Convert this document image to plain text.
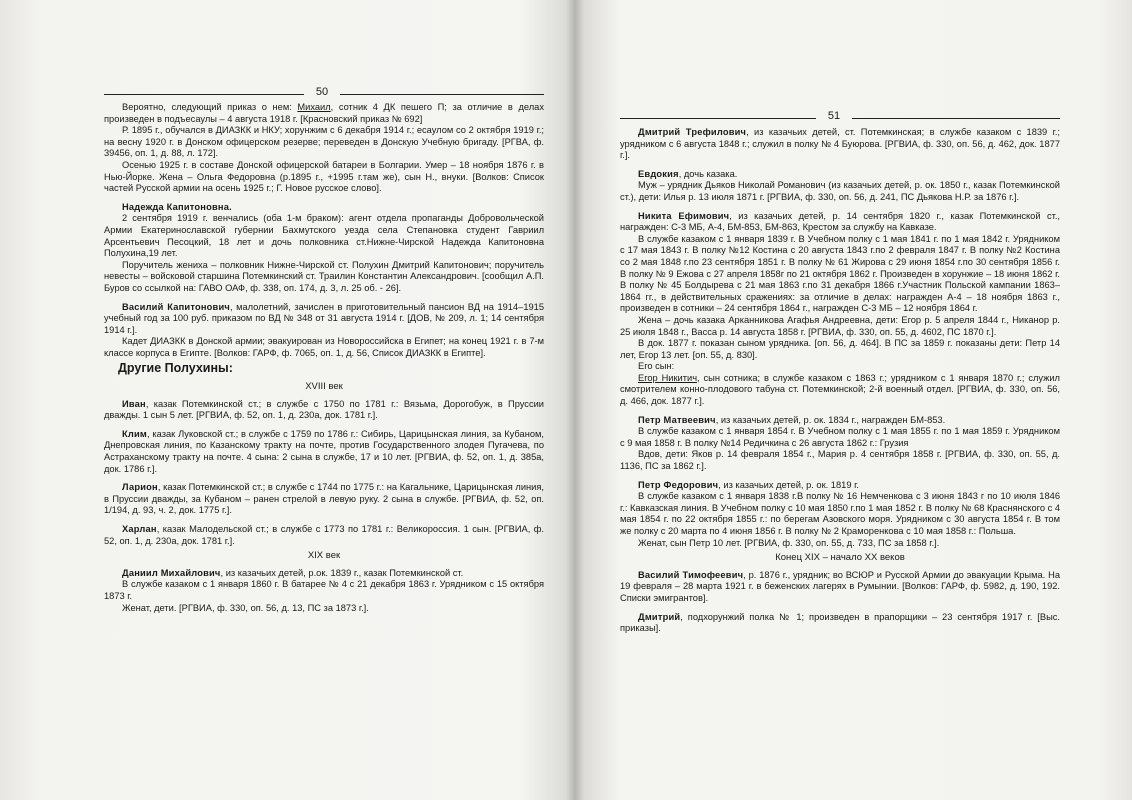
50

Вероятно, следующий приказ о нем: Михаил, сотник 4 ДК пешего П; за отличие в делах произведен в подъесаулы – 4 августа 1918 г. [Красновский приказ № 692]

Р. 1895 г., обучался в ДИАЗКК и НКУ; хорунжим с 6 декабря 1914 г.; есаулом со 2 октября 1919 г.; на весну 1920 г. в Донском офицерском резерве; переведен в Донскую Учебную бригаду. [РГВА, ф. 39456, оп. 1, д. 88, л. 172].

Осенью 1925 г. в составе Донской офицерской батареи в Болгарии. Умер – 18 ноября 1876 г. в Нью-Йорке. Жена – Ольга Федоровна (р.1895 г., +1995 г.там же), сын Н., внуки. [Волков: Список частей Русской армии на осень 1925 г.; Г. Новое русское слово].

Надежда Капитоновна.

2 сентября 1919 г. венчались (оба 1-м браком): агент отдела пропаганды Добровольческой Армии Екатеринославской губернии Бахмутского уезда села Степановка студент Гавриил Арсентьевич Песоцкий, 18 лет и дочь полковника ст.Нижне-Чирской Надежда Капитоновна Полухина,19 лет.

Поручитель жениха – полковник Нижне-Чирской ст. Полухин Дмитрий Капитонович; поручитель невесты – войсковой старшина Потемкинский ст. Траилин Константин Александрович. [сообщил А.П. Буров со ссылкой на: ГАВО ОАФ, ф. 338, оп. 174, д. 3, л. 25 об. - 26].

Василий Капитонович, малолетний, зачислен в приготовительный пансион ВД на 1914–1915 учебный год за 100 руб. приказом по ВД № 348 от 31 августа 1914 г. [ДОВ, № 209, л. 1; 14 сентября 1914 г.].

Кадет ДИАЗКК в Донской армии; эвакуирован из Новороссийска в Египет; на конец 1921 г. в 7-м классе корпуса в Египте. [Волков: ГАРФ, ф. 7065, оп. 1, д. 56, Список ДИАЗКК в Египте].

Другие Полухины:
XVIII век

Иван, казак Потемкинской ст.; в службе с 1750 по 1781 г.: Вязьма, Дорогобуж, в Пруссии дважды. 1 сын 5 лет. [РГВИА, ф. 52, оп. 1, д. 230а, док. 1781 г.].

Клим, казак Луковской ст.; в службе с 1759 по 1786 г.: Сибирь, Царицынская линия, за Кубаном, Днепровская линия, по Казанскому тракту на почте, против Государственного злодея Пугачева, по Астраханскому тракту на почте. 4 сына: 2 сына в службе, 17 и 10 лет. [РГВИА, ф. 52, оп. 1, д. 385а, док. 1786 г.].

Ларион, казак Потемкинской ст.; в службе с 1744 по 1775 г.: на Кагальнике, Царицынская линия, в Пруссии дважды, за Кубаном – ранен стрелой в левую руку. 2 сына в службе. [РГВИА, ф. 52, оп. 1/194, д. 93, ч. 2, док. 1775 г.].

Харлан, казак Малодельской ст.; в службе с 1773 по 1781 г.: Великороссия. 1 сын. [РГВИА, ф. 52, оп. 1, д. 230а, док. 1781 г.].

XIX век

Даниил Михайлович, из казачьих детей, р.ок. 1839 г., казак Потемкинской ст.

В службе казаком с 1 января 1860 г. В батарее № 4 с 21 декабря 1863 г. Урядником с 15 октября 1873 г.

Женат, дети. [РГВИА, ф. 330, оп. 56, д. 13, ПС за 1873 г.].

51

Дмитрий Трефилович, из казачьих детей, ст. Потемкинская; в службе казаком с 1839 г.; урядником с 6 августа 1848 г.; служил в полку № 4 Буюрова. [РГВИА, ф. 330, оп. 56, д. 462, док. 1877 г.].

Евдокия, дочь казака.

Муж – урядник Дьяков Николай Романович (из казачьих детей, р. ок. 1850 г., казак Потемкинской ст.), дети: Илья р. 13 июля 1871 г. [РГВИА, ф. 330, оп. 56, д. 241, ПС Дьякова Н.Р. за 1876 г.].

Никита Ефимович, из казачьих детей, р. 14 сентября 1820 г., казак Потемкинской ст., награжден: С-3 МБ, А-4, БМ-853, БМ-863, Крестом за службу на Кавказе.

В службе казаком с 1 января 1839 г. В Учебном полку с 1 мая 1841 г. по 1 мая 1842 г. Урядником с 17 мая 1843 г. В полку №12 Костина с 20 августа 1843 г.по 2 февраля 1847 г. В полку №2 Костина со 2 мая 1848 г.по 23 сентября 1851 г. В полку № 61 Жирова с 29 июня 1854 г.по 30 сентября 1856 г. В полку № 9 Ежова с 27 апреля 1858г по 21 октября 1862 г. Произведен в хорунжие – 18 июня 1862 г. В полку № 45 Болдырева с 21 мая 1863 г.по 31 декабря 1866 г.Участник Польской кампании 1863–1864 гг., в действительных сражениях: за отличие в делах: награжден А-4 – 18 ноября 1863 г., произведен в сотники – 24 сентября 1864 г., награжден С-3 МБ – 12 ноября 1864 г.

Жена – дочь казака Арканникова Агафья Андреевна, дети: Егор р. 5 апреля 1844 г., Никанор р. 25 июля 1848 г., Васса р. 14 августа 1858 г. [РГВИА, ф. 330, оп. 55, д. 4602, ПС 1870 г.].

В док. 1877 г. показан сыном урядника. [оп. 56, д. 464]. В ПС за 1859 г. показаны дети: Петр 14 лет, Егор 13 лет. [оп. 55, д. 830].

Его сын:

Егор Никитич, сын сотника; в службе казаком с 1863 г.; урядником с 1 января 1870 г.; служил смотрителем конно-плодового табуна ст. Потемкинской; 2-й военный отдел. [РГВИА, ф. 330, оп. 56, д. 466, док. 1877 г.].

Петр Матвеевич, из казачьих детей, р. ок. 1834 г., награжден БМ-853.

В службе казаком с 1 января 1854 г. В Учебном полку с 1 мая 1855 г. по 1 мая 1859 г. Урядником с 9 мая 1858 г. В полку №14 Редичкина с 26 августа 1862 г.: Грузия

Вдов, дети: Яков р. 14 февраля 1854 г., Мария р. 4 сентября 1858 г. [РГВИА, ф. 330, оп. 55, д. 1136, ПС за 1862 г.].

Петр Федорович, из казачьих детей, р. ок. 1819 г.

В службе казаком с 1 января 1838 г.В полку № 16 Немченкова с 3 июня 1843 г по 10 июля 1846 г.: Кавказская линия. В Учебном полку с 10 мая 1850 г.по 1 мая 1852 г. В полку № 68 Краснянского с 4 мая 1854 г. по 22 октября 1855 г.: по берегам Азовского моря. Урядником с 30 августа 1854 г. В том же полку с 20 марта по 4 июня 1856 г. В полку № 2 Крамоpенкова с 10 мая 1858 г.: Польша.

Женат, сын Петр 10 лет. [РГВИА, ф. 330, оп. 55, д. 733, ПС за 1858 г.].

Конец XIX – начало XX веков

Василий Тимофеевич, р. 1876 г., урядник; во ВСЮР и Русской Армии до эвакуации Крыма. На 19 февраля – 28 марта 1921 г. в беженских лагерях в Румынии. [Волков: ГАРФ, ф. 5982, д. 190, 192. Списки эмигрантов].

Дмитрий, подхорунжий полка № 1; произведен в прапорщики – 23 сентября 1917 г. [Выс. приказы].
